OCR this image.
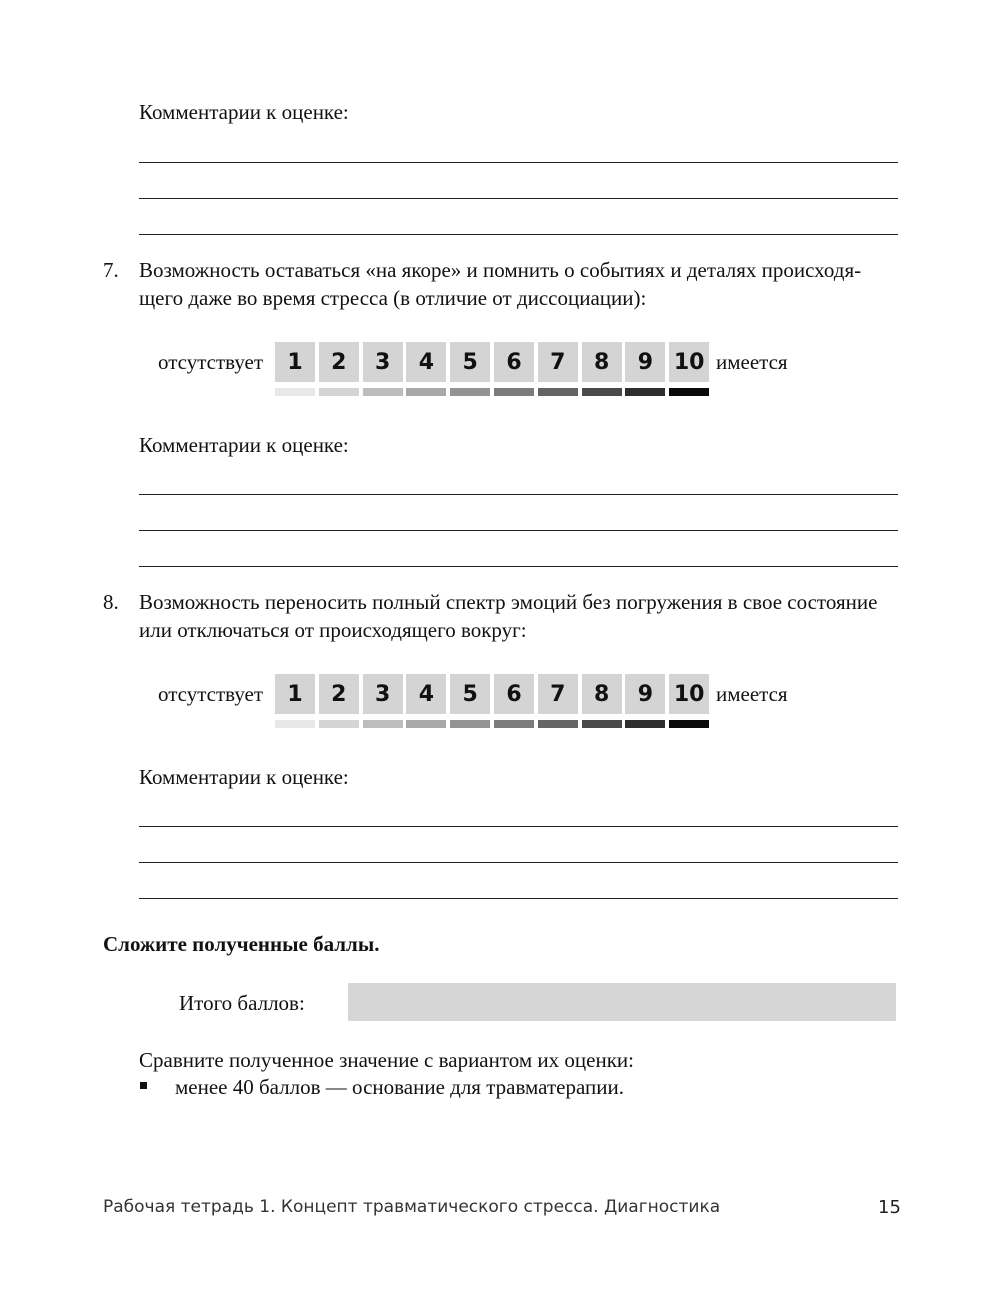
Комментарии к оценке:
7. Возможность оставаться «на якоре» и помнить о событиях и деталях происходя-
щего даже во время стресса (в отличие от диссоциации):
отсутствует	1	2	3	4	5	6	7	8	9 10 имеется
Комментарии к оценке:
8. Возможность переносить полный спектр эмоций без погружения в свое состояние
или отключаться от происходящего вокруг:
отсутствует	1	2	3	4	5	6	7	8	9 10 имеется
Комментарии к оценке:
Сложите полученные баллы.
Итого баллов:
Сравните полученное значение с вариантом их оценки:
менее 40 баллов — основание для травматерапии.
Рабочая тетрадь 1. Концепт травматического стресса. Диагностика	15
